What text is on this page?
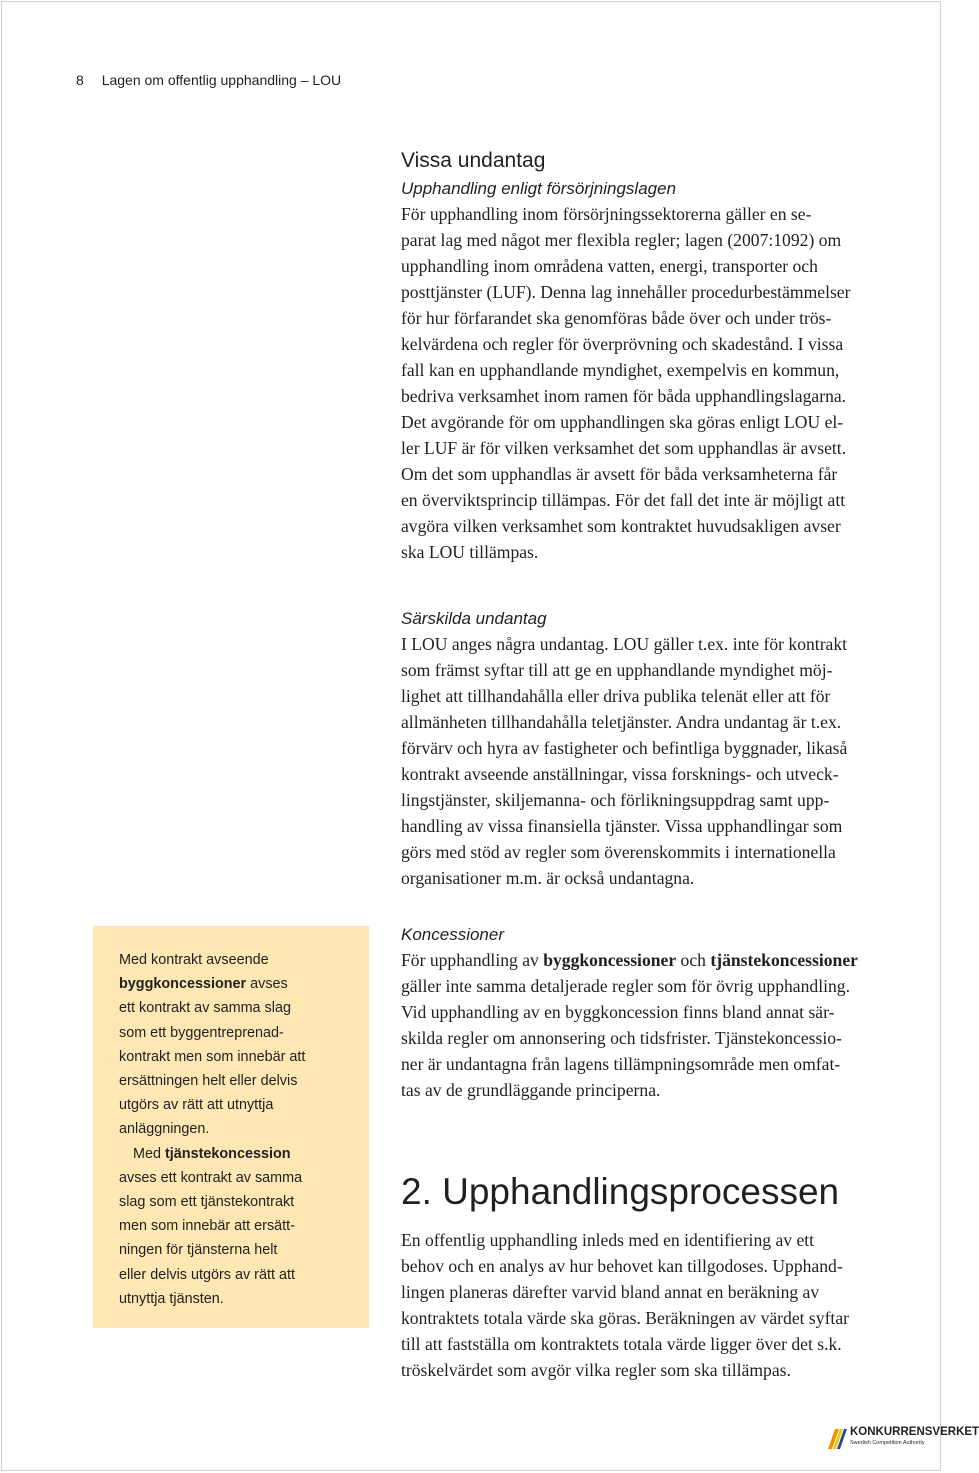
8 Lagen om offentlig upphandling – LOU
Vissa undantag
Upphandling enligt försörjningslagen

För upphandling inom försörjningssektorerna gäller en se-
parat lag med något mer flexibla regler; lagen (2007:1092) om
upphandling inom områdena vatten, energi, transporter och
posttjänster (LUF). Denna lag innehåller procedurbestämmelser
för hur förfarandet ska genomföras både över och under trös-
kelvärdena och regler för överprövning och skadestånd. I vissa
fall kan en upphandlande myndighet, exempelvis en kommun,
bedriva verksamhet inom ramen för båda upphandlingslagarna.
Det avgörande för om upphandlingen ska göras enligt LOU el-
ler LUF är för vilken verksamhet det som upphandlas är avsett.
Om det som upphandlas är avsett för båda verksamheterna får
en överviktsprincip tillämpas. För det fall det inte är möjligt att
avgöra vilken verksamhet som kontraktet huvudsakligen avser
ska LOU tillämpas.

Särskilda undantag

I LOU anges några undantag. LOU gäller t.ex. inte för kontrakt
som främst syftar till att ge en upphandlande myndighet möj-
lighet att tillhandahålla eller driva publika telenät eller att för
allmänheten tillhandahålla teletjänster. Andra undantag är t.ex.
förvärv och hyra av fastigheter och befintliga byggnader, likaså
kontrakt avseende anställningar, vissa forsknings- och utveck-
lingstjänster, skiljemanna- och förlikningsuppdrag samt upp-
handling av vissa finansiella tjänster. Vissa upphandlingar som
görs med stöd av regler som överenskommits i internationella
organisationer m.m. är också undantagna.

Koncessioner

För upphandling av byggkoncessioner och tjänstekoncessioner
gäller inte samma detaljerade regler som för övrig upphandling.
Vid upphandling av en byggkoncession finns bland annat sär-
skilda regler om annonsering och tidsfrister. Tjänstekoncessio-
ner är undantagna från lagens tillämpningsområde men omfat-
tas av de grundläggande principerna.

2. Upphandlingsprocessen

En offentlig upphandling inleds med en identifiering av ett
behov och en analys av hur behovet kan tillgodoses. Upphand-
lingen planeras därefter varvid bland annat en beräkning av
kontraktets totala värde ska göras. Beräkningen av värdet syftar
till att fastställa om kontraktets totala värde ligger över det s.k.
tröskelvärdet som avgör vilka regler som ska tillämpas.

Med kontrakt avseende
byggkoncessioner avses
ett kontrakt av samma slag
som ett byggentreprenad-
kontrakt men som innebär att
ersättningen helt eller delvis
utgörs av rätt att utnyttja
anläggningen.
Med tjänstekoncession
avses ett kontrakt av samma
slag som ett tjänstekontrakt
men som innebär att ersätt-
ningen för tjänsterna helt
eller delvis utgörs av rätt att
utnyttja tjänsten.
KONKURRENSVERKET
Swedish Competition Authority
